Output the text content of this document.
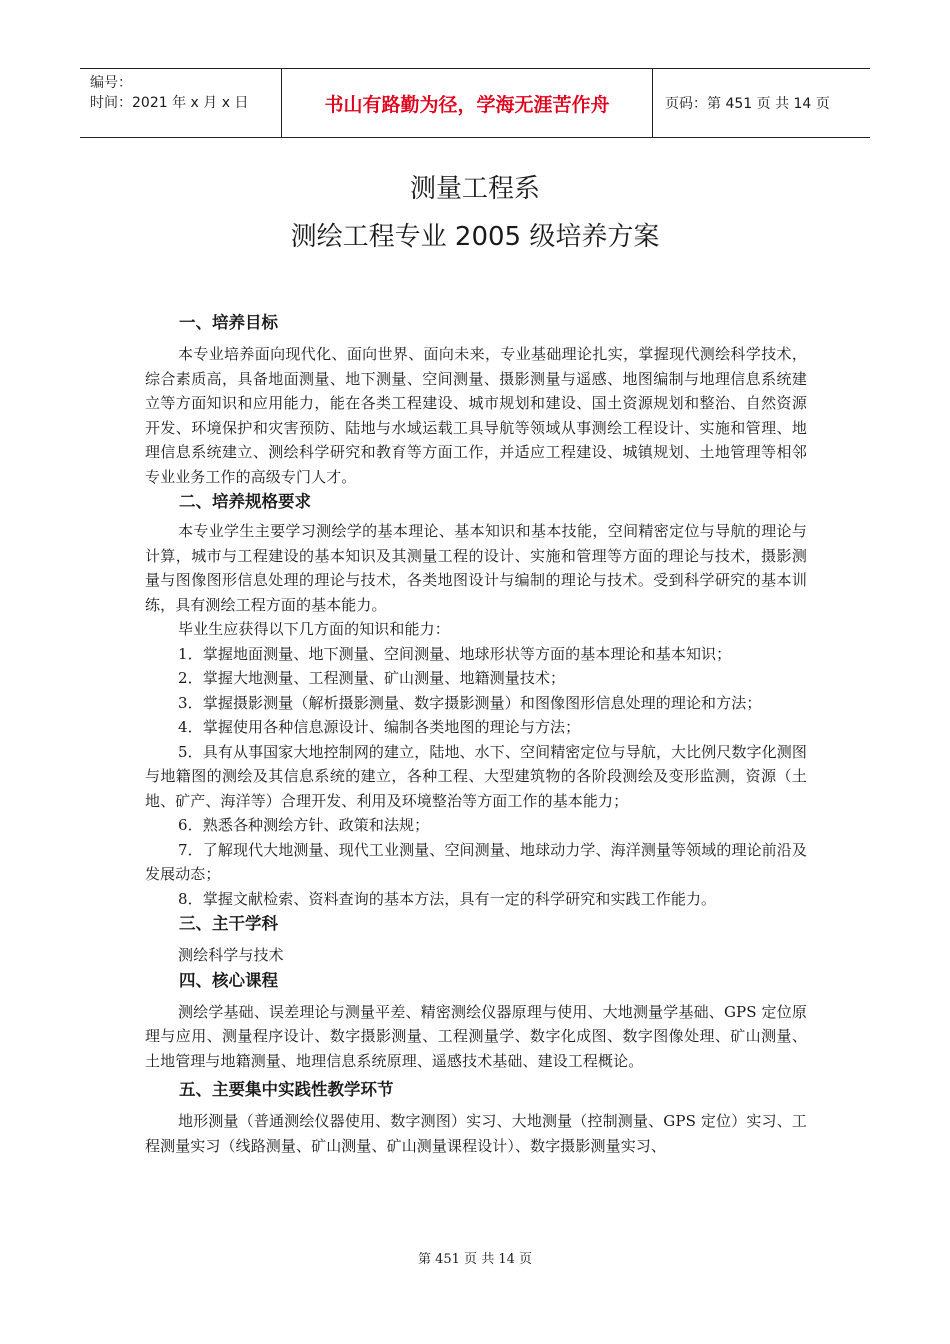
编号：
时间：2021 年 x 月 x 日	书山有路勤为径，学海无涯苦作舟	页码：第 451 页 共 14 页
测量工程系
测绘工程专业 2005 级培养方案
一、培养目标

本专业培养面向现代化、面向世界、面向未来，专业基础理论扎实，掌握现代测绘科学技术，综合素质高，具备地面测量、地下测量、空间测量、摄影测量与遥感、地图编制与地理信息系统建立等方面知识和应用能力，能在各类工程建设、城市规划和建设、国土资源规划和整治、自然资源开发、环境保护和灾害预防、陆地与水域运载工具导航等领域从事测绘工程设计、实施和管理、地理信息系统建立、测绘科学研究和教育等方面工作，并适应工程建设、城镇规划、土地管理等相邻专业业务工作的高级专门人才。

二、培养规格要求

本专业学生主要学习测绘学的基本理论、基本知识和基本技能，空间精密定位与导航的理论与计算，城市与工程建设的基本知识及其测量工程的设计、实施和管理等方面的理论与技术，摄影测量与图像图形信息处理的理论与技术，各类地图设计与编制的理论与技术。受到科学研究的基本训练，具有测绘工程方面的基本能力。

毕业生应获得以下几方面的知识和能力：

1．掌握地面测量、地下测量、空间测量、地球形状等方面的基本理论和基本知识；

2．掌握大地测量、工程测量、矿山测量、地籍测量技术；

3．掌握摄影测量（解析摄影测量、数字摄影测量）和图像图形信息处理的理论和方法；

4．掌握使用各种信息源设计、编制各类地图的理论与方法；

5．具有从事国家大地控制网的建立，陆地、水下、空间精密定位与导航，大比例尺数字化测图与地籍图的测绘及其信息系统的建立，各种工程、大型建筑物的各阶段测绘及变形监测，资源（土地、矿产、海洋等）合理开发、利用及环境整治等方面工作的基本能力；

6．熟悉各种测绘方针、政策和法规；

7．了解现代大地测量、现代工业测量、空间测量、地球动力学、海洋测量等领域的理论前沿及发展动态；

8．掌握文献检索、资料查询的基本方法，具有一定的科学研究和实践工作能力。

三、主干学科

测绘科学与技术

四、核心课程

测绘学基础、误差理论与测量平差、精密测绘仪器原理与使用、大地测量学基础、GPS 定位原理与应用、测量程序设计、数字摄影测量、工程测量学、数字化成图、数字图像处理、矿山测量、土地管理与地籍测量、地理信息系统原理、遥感技术基础、建设工程概论。

五、主要集中实践性教学环节

地形测量（普通测绘仪器使用、数字测图）实习、大地测量（控制测量、GPS 定位）实习、工程测量实习（线路测量、矿山测量、矿山测量课程设计）、数字摄影测量实习、

第 451 页 共 14 页
